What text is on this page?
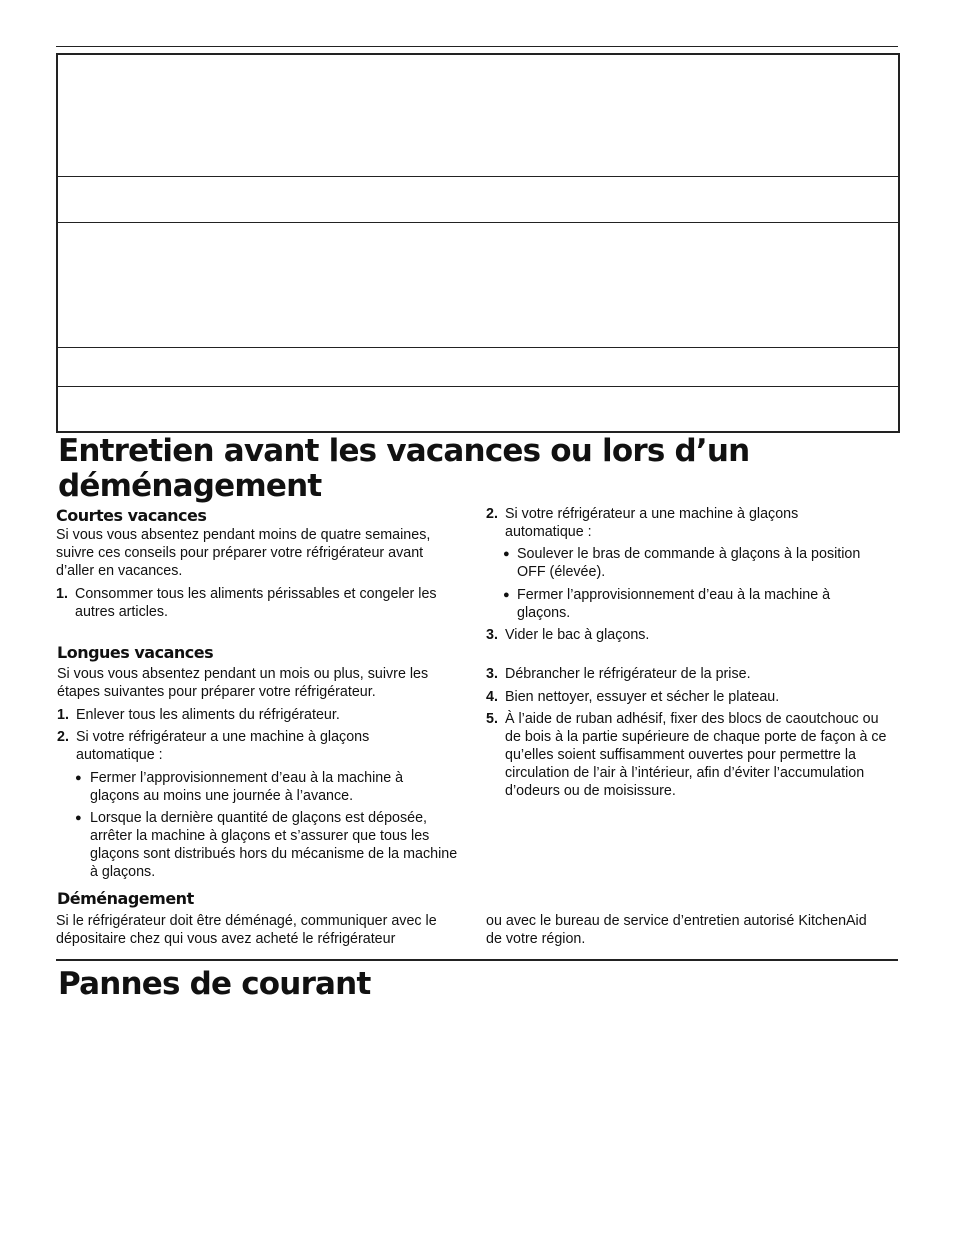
Entretien avant les vacances ou lors d’un déménagement
Courtes vacances

Si vous vous absentez pendant moins de quatre semaines, suivre ces conseils pour préparer votre réfrigérateur avant d’aller en vacances.

1. Consommer tous les aliments périssables et congeler les autres articles.
2. Si votre réfrigérateur a une machine à glaçons automatique :
● Soulever le bras de commande à glaçons à la position OFF (élevée).
● Fermer l’approvisionnement d’eau à la machine à glaçons.
3. Vider le bac à glaçons.
Longues vacances

Si vous vous absentez pendant un mois ou plus, suivre les étapes suivantes pour préparer votre réfrigérateur.

1. Enlever tous les aliments du réfrigérateur.
2. Si votre réfrigérateur a une machine à glaçons automatique :
● Fermer l’approvisionnement d’eau à la machine à glaçons au moins une journée à l’avance.
● Lorsque la dernière quantité de glaçons est déposée, arrêter la machine à glaçons et s’assurer que tous les glaçons sont distribués hors du mécanisme de la machine à glaçons.
3. Débrancher le réfrigérateur de la prise.
4. Bien nettoyer, essuyer et sécher le plateau.
5. À l’aide de ruban adhésif, fixer des blocs de caoutchouc ou de bois à la partie supérieure de chaque porte de façon à ce qu’elles soient suffisamment ouvertes pour permettre la circulation de l’air à l’intérieur, afin d’éviter l’accumulation d’odeurs ou de moisissure.
Déménagement

Si le réfrigérateur doit être déménagé, communiquer avec le dépositaire chez qui vous avez acheté le réfrigérateur

ou avec le bureau de service d’entretien autorisé KitchenAid de votre région.

Pannes de courant
